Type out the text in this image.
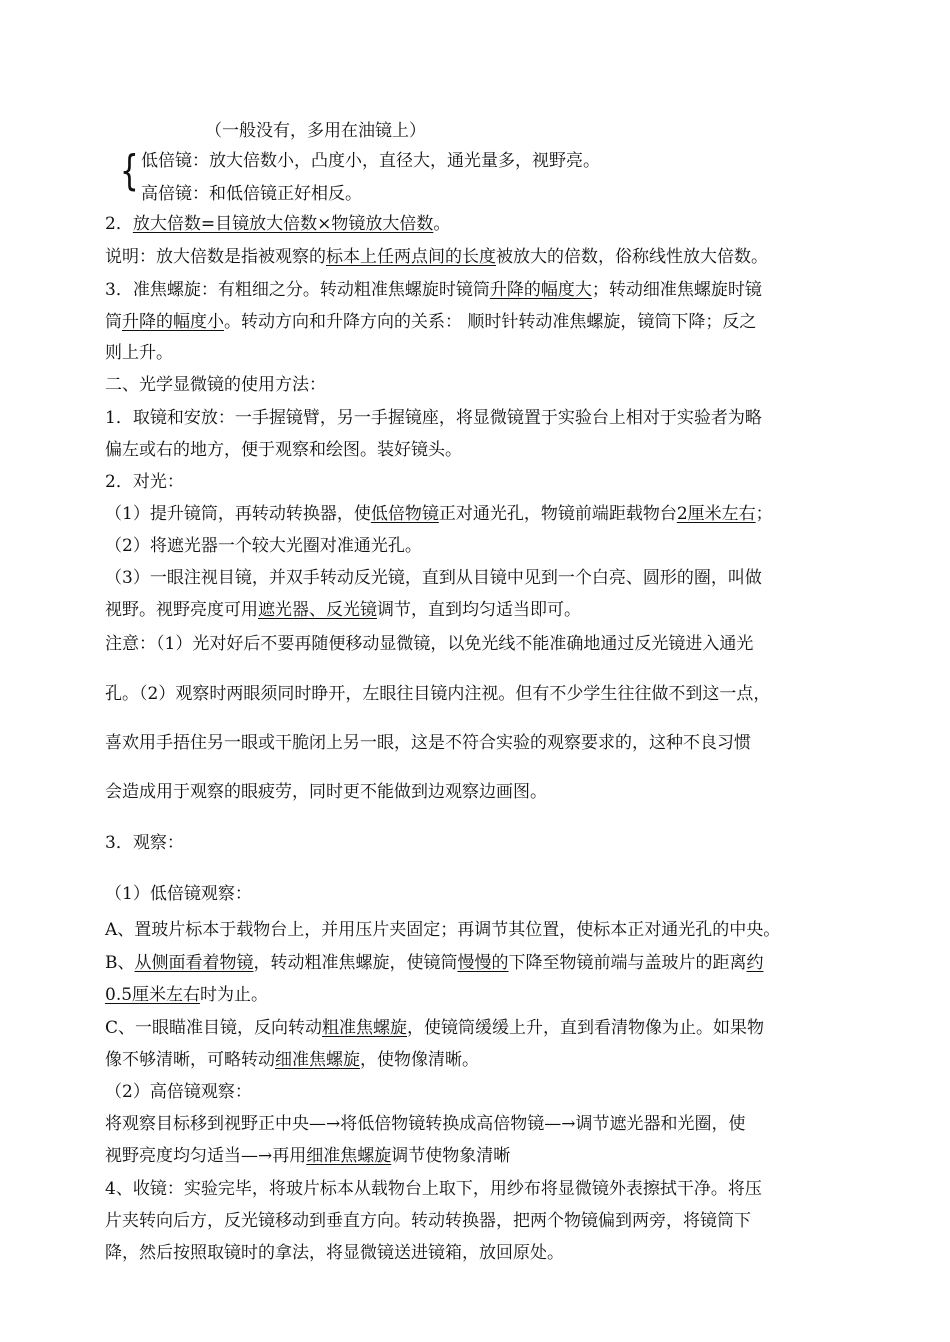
（一般没有，多用在油镜上）
{ 低倍镜：放大倍数小，凸度小，直径大，通光量多，视野亮。
高倍镜：和低倍镜正好相反。
2．放大倍数=目镜放大倍数×物镜放大倍数。
说明：放大倍数是指被观察的标本上任两点间的长度被放大的倍数，俗称线性放大倍数。
3．准焦螺旋：有粗细之分。转动粗准焦螺旋时镜筒升降的幅度大；转动细准焦螺旋时镜
筒升降的幅度小。转动方向和升降方向的关系： 顺时针转动准焦螺旋，镜筒下降；反之
则上升。
二、光学显微镜的使用方法：
1．取镜和安放：一手握镜臂，另一手握镜座，将显微镜置于实验台上相对于实验者为略
偏左或右的地方，便于观察和绘图。装好镜头。
2．对光：
（1）提升镜筒，再转动转换器，使低倍物镜正对通光孔，物镜前端距载物台2厘米左右；
（2）将遮光器一个较大光圈对准通光孔。
（3）一眼注视目镜，并双手转动反光镜，直到从目镜中见到一个白亮、圆形的圈，叫做
视野。视野亮度可用遮光器、反光镜调节，直到均匀适当即可。
注意：（1）光对好后不要再随便移动显微镜，以免光线不能准确地通过反光镜进入通光
孔。（2）观察时两眼须同时睁开，左眼往目镜内注视。但有不少学生往往做不到这一点，
喜欢用手捂住另一眼或干脆闭上另一眼，这是不符合实验的观察要求的，这种不良习惯
会造成用于观察的眼疲劳，同时更不能做到边观察边画图。
3．观察：
（1）低倍镜观察：
A、置玻片标本于载物台上，并用压片夹固定；再调节其位置，使标本正对通光孔的中央。
B、从侧面看着物镜，转动粗准焦螺旋，使镜筒慢慢的下降至物镜前端与盖玻片的距离约
0.5厘米左右时为止。
C、一眼瞄准目镜，反向转动粗准焦螺旋，使镜筒缓缓上升，直到看清物像为止。如果物
像不够清晰，可略转动细准焦螺旋，使物像清晰。
（2）高倍镜观察：
将观察目标移到视野正中央—→将低倍物镜转换成高倍物镜—→调节遮光器和光圈，使
视野亮度均匀适当—→再用细准焦螺旋调节使物象清晰
4、收镜：实验完毕，将玻片标本从载物台上取下，用纱布将显微镜外表擦拭干净。将压
片夹转向后方，反光镜移动到垂直方向。转动转换器，把两个物镜偏到两旁，将镜筒下
降，然后按照取镜时的拿法，将显微镜送进镜箱，放回原处。
